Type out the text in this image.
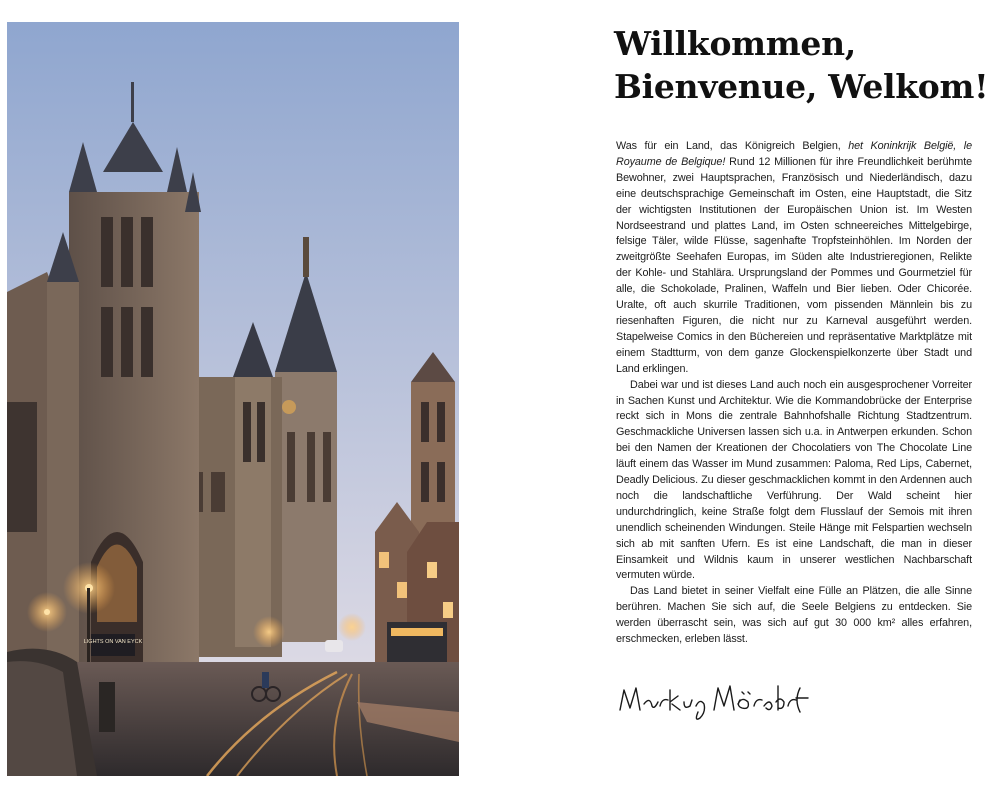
LIGHTS ON VAN EYCK
Willkommen,
Bienvenue, Welkom!

Was für ein Land, das Königreich Belgien, het Koninkrijk België, le Royaume de Belgique! Rund 12 Millionen für ihre Freundlichkeit berühmte Bewohner, zwei Hauptsprachen, Französisch und Niederländisch, dazu eine deutschsprachige Gemeinschaft im Osten, eine Hauptstadt, die Sitz der wichtigsten Institutionen der Europäischen Union ist. Im Westen Nordseestrand und plattes Land, im Osten schneereiches Mittelgebirge, felsige Täler, wilde Flüsse, sagenhafte Tropfsteinhöhlen. Im Norden der zweitgrößte Seehafen Europas, im Süden alte Industrieregionen, Relikte der Kohle- und Stahlära. Ursprungsland der Pommes und Gourmetziel für alle, die Schokolade, Pralinen, Waffeln und Bier lieben. Oder Chicorée. Uralte, oft auch skurrile Traditionen, vom pissenden Männlein bis zu riesenhaften Figuren, die nicht nur zu Karneval ausgeführt werden. Stapelweise Comics in den Büchereien und repräsentative Marktplätze mit einem Stadtturm, von dem ganze Glockenspielkonzerte über Stadt und Land erklingen.

Dabei war und ist dieses Land auch noch ein ausgesprochener Vorreiter in Sachen Kunst und Architektur. Wie die Kommandobrücke der Enterprise reckt sich in Mons die zentrale Bahnhofshalle Richtung Stadtzentrum. Geschmackliche Universen lassen sich u.a. in Antwerpen erkunden. Schon bei den Namen der Kreationen der Chocolatiers von The Chocolate Line läuft einem das Wasser im Mund zusammen: Paloma, Red Lips, Cabernet, Deadly Delicious. Zu dieser geschmacklichen kommt in den Ardennen auch noch die landschaftliche Verführung. Der Wald scheint hier undurchdringlich, keine Straße folgt dem Flusslauf der Semois mit ihren unendlich scheinenden Windungen. Steile Hänge mit Felspartien wechseln sich ab mit sanften Ufern. Es ist eine Landschaft, die man in dieser Einsamkeit und Wildnis kaum in unserer westlichen Nachbarschaft vermuten würde.

Das Land bietet in seiner Vielfalt eine Fülle an Plätzen, die alle Sinne berühren. Machen Sie sich auf, die Seele Belgiens zu entdecken. Sie werden überrascht sein, was sich auf gut 30 000 km² alles erfahren, erschmecken, erleben lässt.
